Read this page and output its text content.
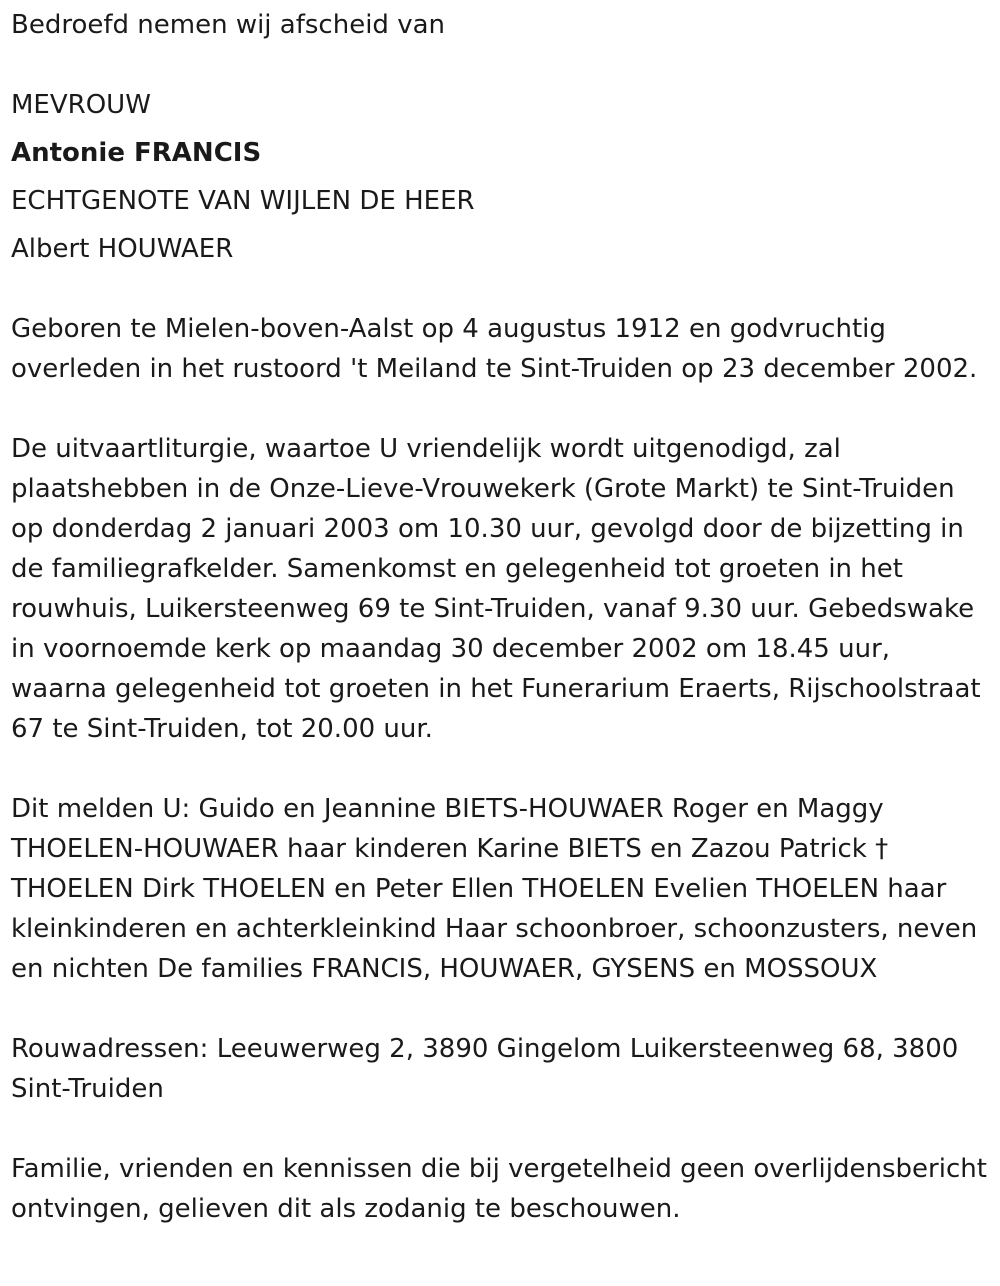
Bedroefd nemen wij afscheid van

MEVROUW

Antonie FRANCIS

ECHTGENOTE VAN WIJLEN DE HEER

Albert HOUWAER

Geboren te Mielen-boven-Aalst op 4 augustus 1912 en godvruchtig overleden in het rustoord 't Meiland te Sint-Truiden op 23 december 2002.

De uitvaartliturgie, waartoe U vriendelijk wordt uitgenodigd, zal plaatshebben in de Onze-Lieve-Vrouwekerk (Grote Markt) te Sint-Truiden op donderdag 2 januari 2003 om 10.30 uur, gevolgd door de bijzetting in de familiegrafkelder. Samenkomst en gelegenheid tot groeten in het rouwhuis, Luikersteenweg 69 te Sint-Truiden, vanaf 9.30 uur. Gebedswake in voornoemde kerk op maandag 30 december 2002 om 18.45 uur, waarna gelegenheid tot groeten in het Funerarium Eraerts, Rijschoolstraat 67 te Sint-Truiden, tot 20.00 uur.

Dit melden U: Guido en Jeannine BIETS-HOUWAER Roger en Maggy THOELEN-HOUWAER haar kinderen Karine BIETS en Zazou Patrick † THOELEN Dirk THOELEN en Peter Ellen THOELEN Evelien THOELEN haar kleinkinderen en achterkleinkind Haar schoonbroer, schoonzusters, neven en nichten De families FRANCIS, HOUWAER, GYSENS en MOSSOUX

Rouwadressen: Leeuwerweg 2, 3890 Gingelom Luikersteenweg 68, 3800 Sint-Truiden

Familie, vrienden en kennissen die bij vergetelheid geen overlijdensbericht ontvingen, gelieven dit als zodanig te beschouwen.
